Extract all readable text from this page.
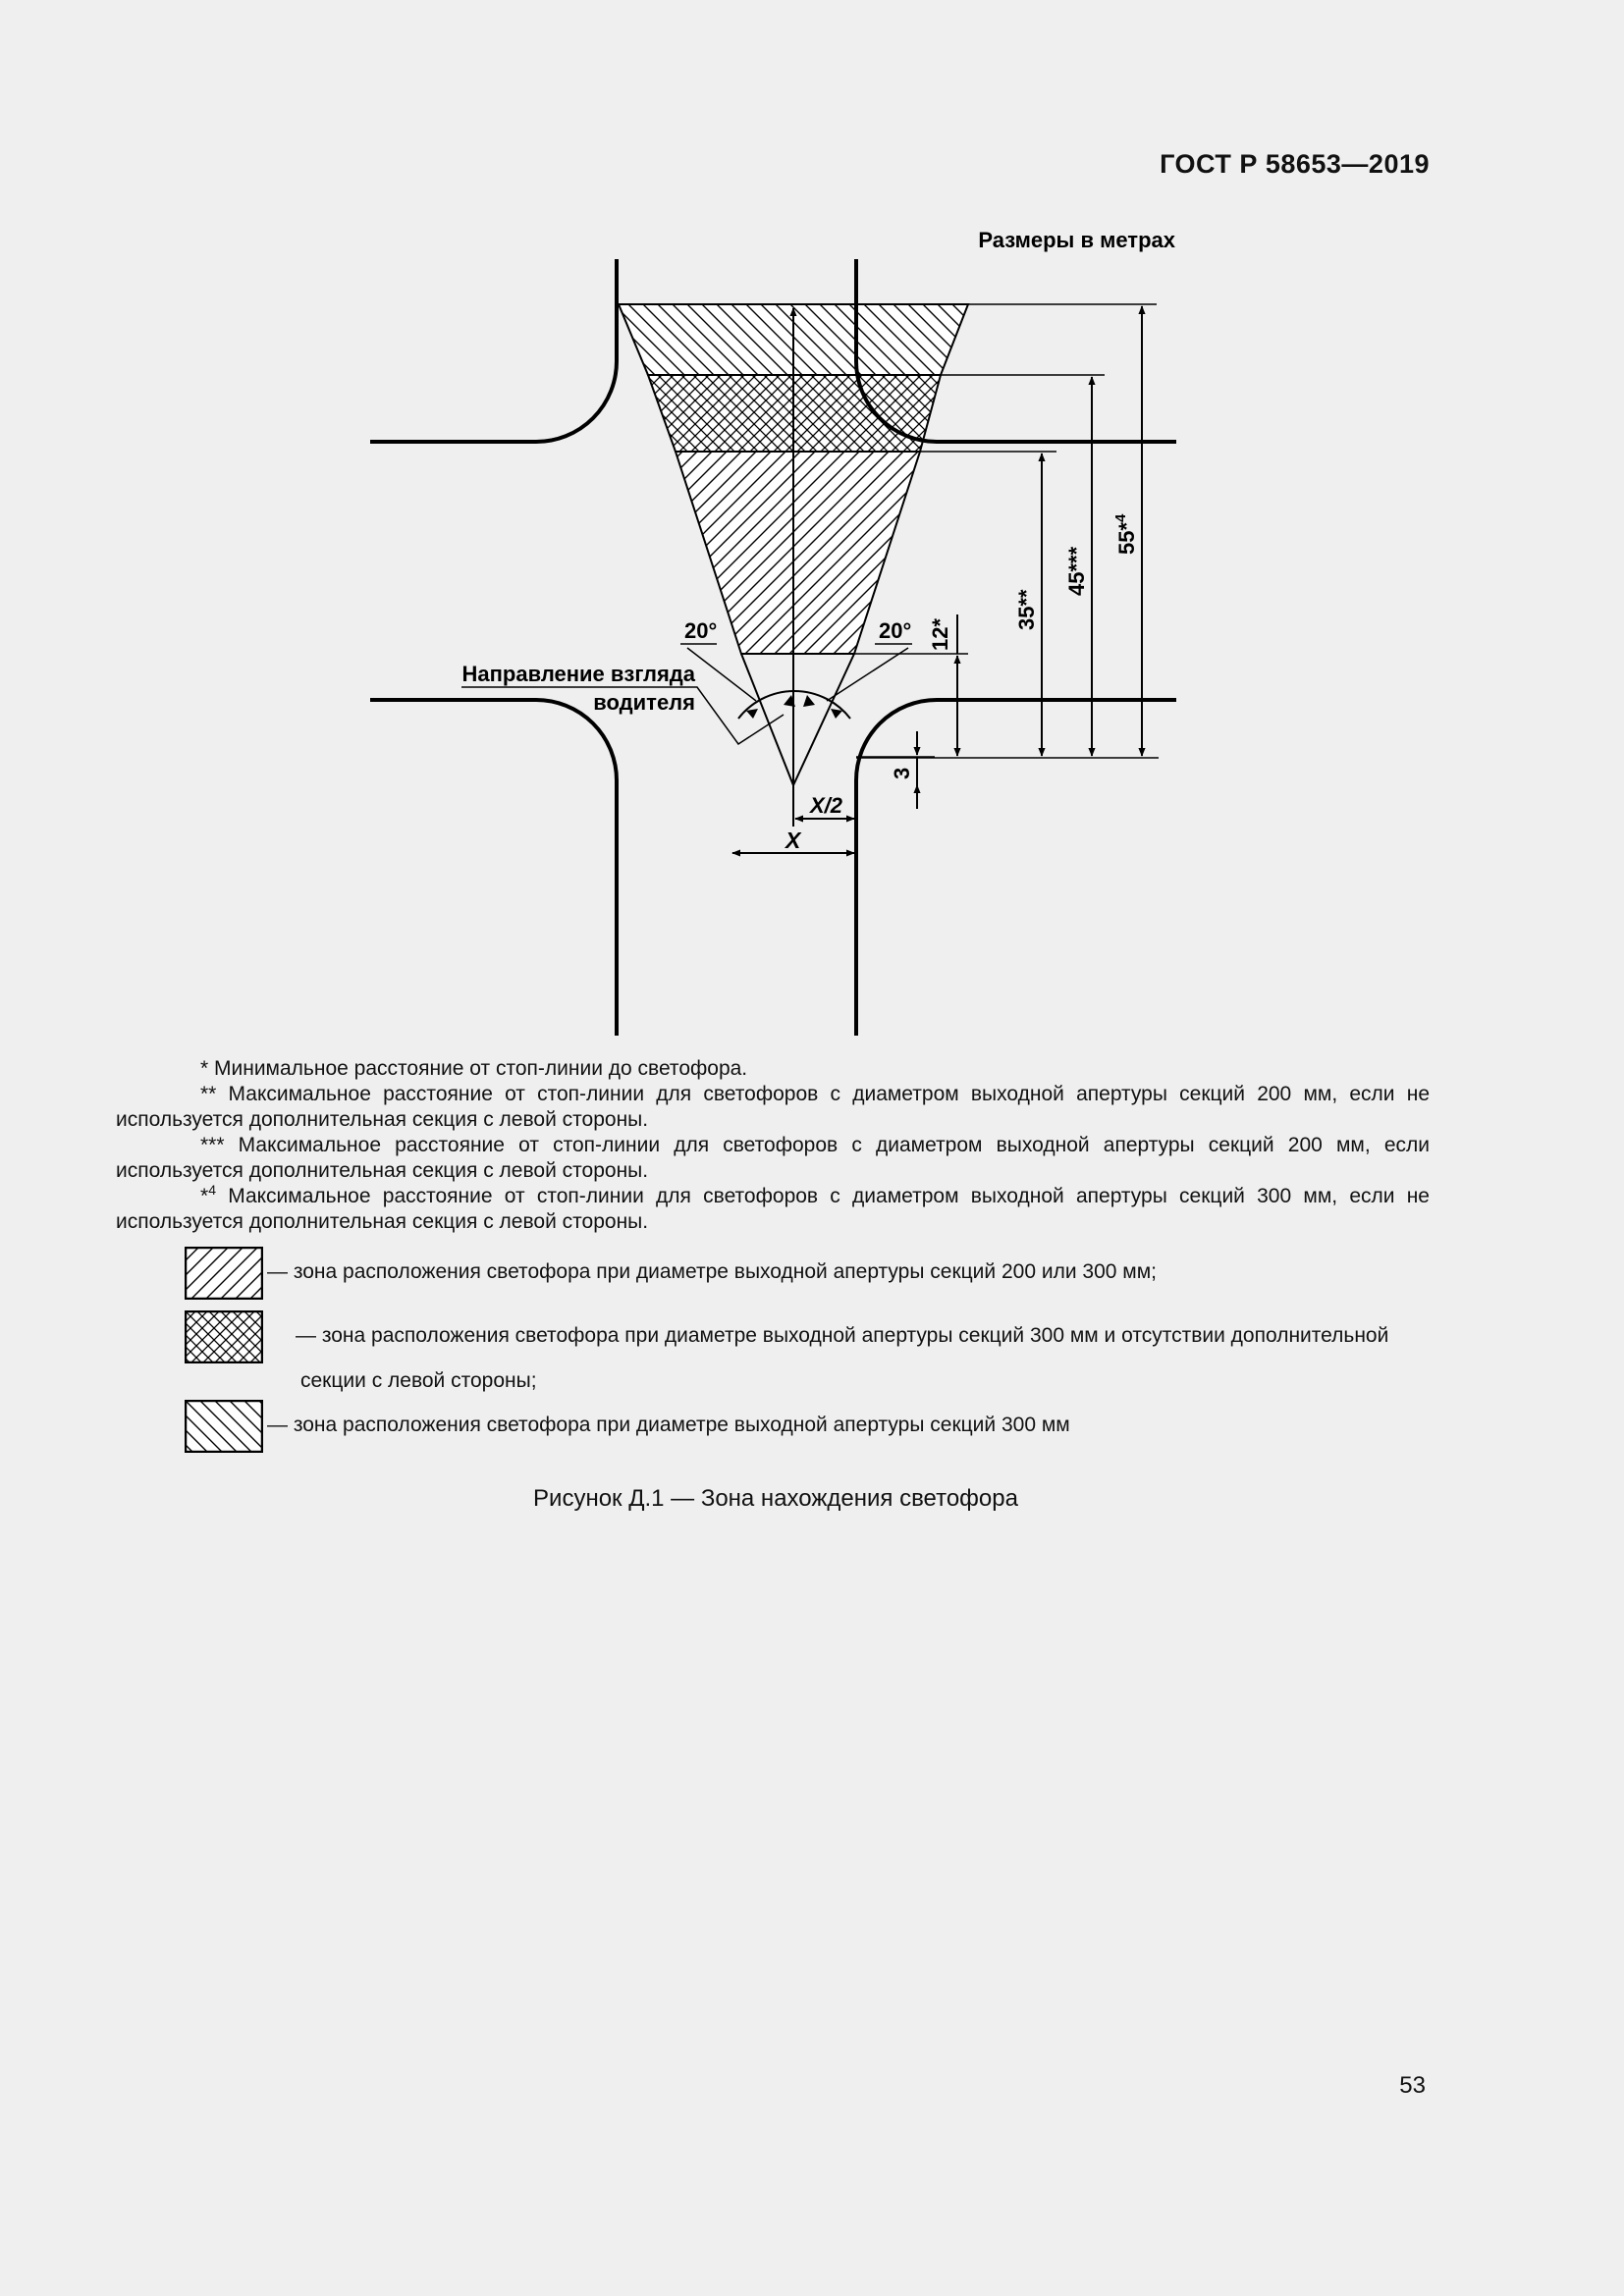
ГОСТ Р 58653—2019
Размеры в метрах
20°	20°
Направление взгляда
водителя
12*
35**
45***
55*$^4$
3
X/2
X

* Минимальное расстояние от стоп-линии до светофора.

** Максимальное расстояние от стоп-линии для светофоров с диаметром выходной апертуры секций 200 мм, если не используется дополнительная секция с левой стороны.

*** Максимальное расстояние от стоп-линии для светофоров с диаметром выходной апертуры секций 200 мм, если используется дополнительная секция с левой стороны.

*$^4$ Максимальное расстояние от стоп-линии для светофоров с диаметром выходной апертуры секций 300 мм, если не используется дополнительная секция с левой стороны.

— зона расположения светофора при диаметре выходной апертуры секций 200 или 300 мм;
— зона расположения светофора при диаметре выходной апертуры секций 300 мм и отсутствии дополнительной
секции с левой стороны;
— зона расположения светофора при диаметре выходной апертуры секций 300 мм
Рисунок Д.1 — Зона нахождения светофора
53
